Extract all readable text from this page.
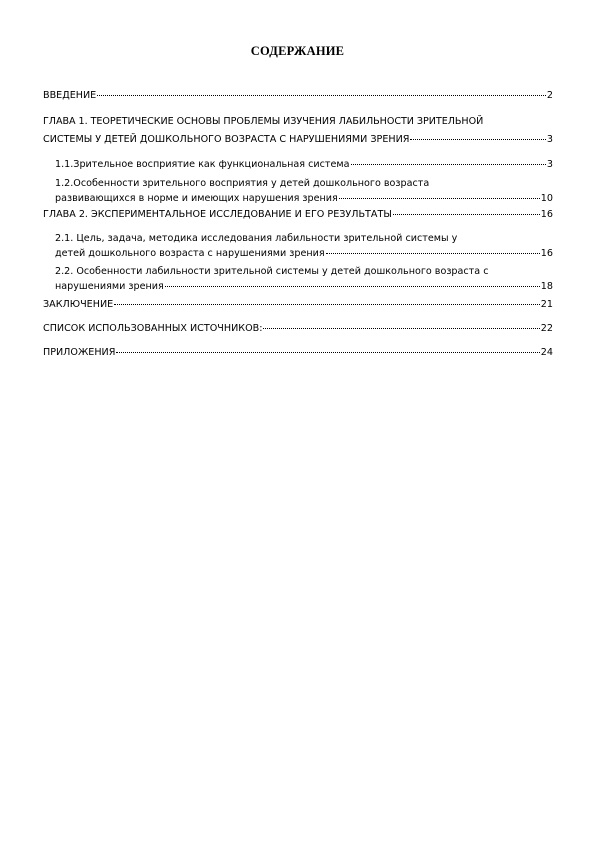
СОДЕРЖАНИЕ
ВВЕДЕНИЕ	2
ГЛАВА 1. ТЕОРЕТИЧЕСКИЕ ОСНОВЫ ПРОБЛЕМЫ ИЗУЧЕНИЯ ЛАБИЛЬНОСТИ ЗРИТЕЛЬНОЙ
СИСТЕМЫ У ДЕТЕЙ ДОШКОЛЬНОГО ВОЗРАСТА С НАРУШЕНИЯМИ ЗРЕНИЯ	3
1.1.Зрительное восприятие как функциональная система	3
1.2.Особенности зрительного восприятия у детей дошкольного возраста
развивающихся в норме и имеющих нарушения зрения	10
ГЛАВА 2. ЭКСПЕРИМЕНТАЛЬНОЕ ИССЛЕДОВАНИЕ И ЕГО РЕЗУЛЬТАТЫ	16
2.1. Цель, задача, методика исследования лабильности зрительной системы у
детей дошкольного возраста с нарушениями зрения	16
2.2. Особенности лабильности зрительной системы у детей дошкольного возраста с
нарушениями зрения	18
ЗАКЛЮЧЕНИЕ	21
СПИСОК ИСПОЛЬЗОВАННЫХ ИСТОЧНИКОВ:	22
ПРИЛОЖЕНИЯ	24
